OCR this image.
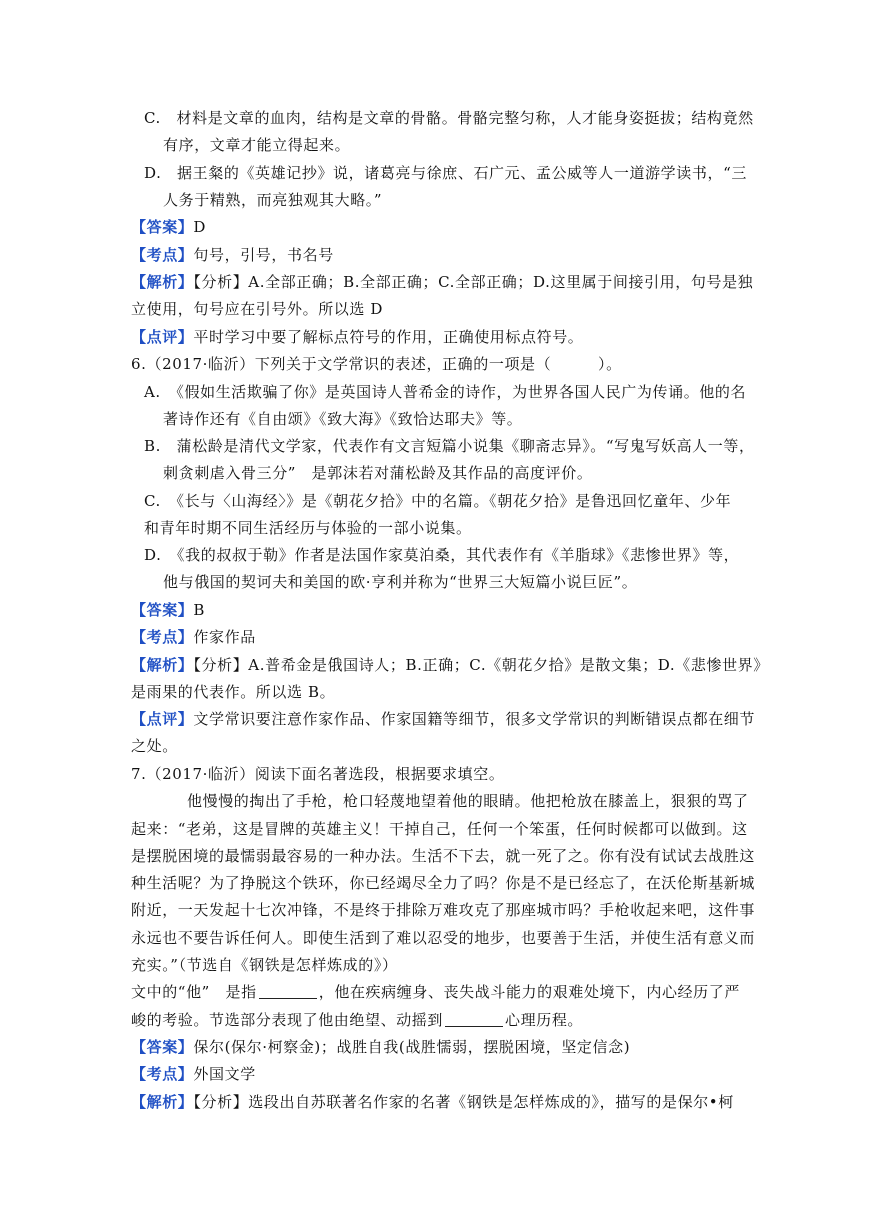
C.　材料是文章的血肉，结构是文章的骨骼。骨骼完整匀称，人才能身姿挺拔；结构竟然
有序，文章才能立得起来。
D.　据王粲的《英雄记抄》说，诸葛亮与徐庶、石广元、孟公威等人一道游学读书，“三
人务于精熟，而亮独观其大略。”
【答案】D
【考点】句号，引号，书名号
【解析】【分析】A.全部正确；B.全部正确；C.全部正确；D.这里属于间接引用，句号是独
立使用，句号应在引号外。所以选 D
【点评】平时学习中要了解标点符号的作用，正确使用标点符号。
6.（2017·临沂）下列关于文学常识的表述，正确的一项是（　　　）。
A.　《假如生活欺骗了你》是英国诗人普希金的诗作，为世界各国人民广为传诵。他的名
著诗作还有《自由颂》《致大海》《致恰达耶夫》等。
B.　蒲松龄是清代文学家，代表作有文言短篇小说集《聊斋志异》。“写鬼写妖高人一等，
刺贪刺虐入骨三分”　是郭沫若对蒲松龄及其作品的高度评价。
C.　《长与〈山海经〉》是《朝花夕拾》中的名篇。《朝花夕拾》是鲁迅回忆童年、少年
和青年时期不同生活经历与体验的一部小说集。
D.　《我的叔叔于勒》作者是法国作家莫泊桑，其代表作有《羊脂球》《悲惨世界》等，
他与俄国的契诃夫和美国的欧·亨利并称为“世界三大短篇小说巨匠”。
【答案】B
【考点】作家作品
【解析】【分析】A.普希金是俄国诗人；B.正确；C.《朝花夕拾》是散文集；D.《悲惨世界》
是雨果的代表作。所以选 B。
【点评】文学常识要注意作家作品、作家国籍等细节，很多文学常识的判断错误点都在细节
之处。
7.（2017·临沂）阅读下面名著选段，根据要求填空。
他慢慢的掏出了手枪，枪口轻蔑地望着他的眼睛。他把枪放在膝盖上，狠狠的骂了
起来：“老弟，这是冒牌的英雄主义！干掉自己，任何一个笨蛋，任何时候都可以做到。这
是摆脱困境的最懦弱最容易的一种办法。生活不下去，就一死了之。你有没有试试去战胜这
种生活呢？为了挣脱这个铁环，你已经竭尽全力了吗？你是不是已经忘了，在沃伦斯基新城
附近，一天发起十七次冲锋，不是终于排除万难攻克了那座城市吗？手枪收起来吧，这件事
永远也不要告诉任何人。即使生活到了难以忍受的地步，也要善于生活，并使生活有意义而
充实。”（节选自《钢铁是怎样炼成的》）
文中的“他”　是指	，他在疾病缠身、丧失战斗能力的艰难处境下，内心经历了严
峻的考验。节选部分表现了他由绝望、动摇到	心理历程。
【答案】保尔(保尔·柯察金)；战胜自我(战胜懦弱，摆脱困境，坚定信念)
【考点】外国文学
【解析】【分析】选段出自苏联著名作家的名著《钢铁是怎样炼成的》，描写的是保尔•柯
